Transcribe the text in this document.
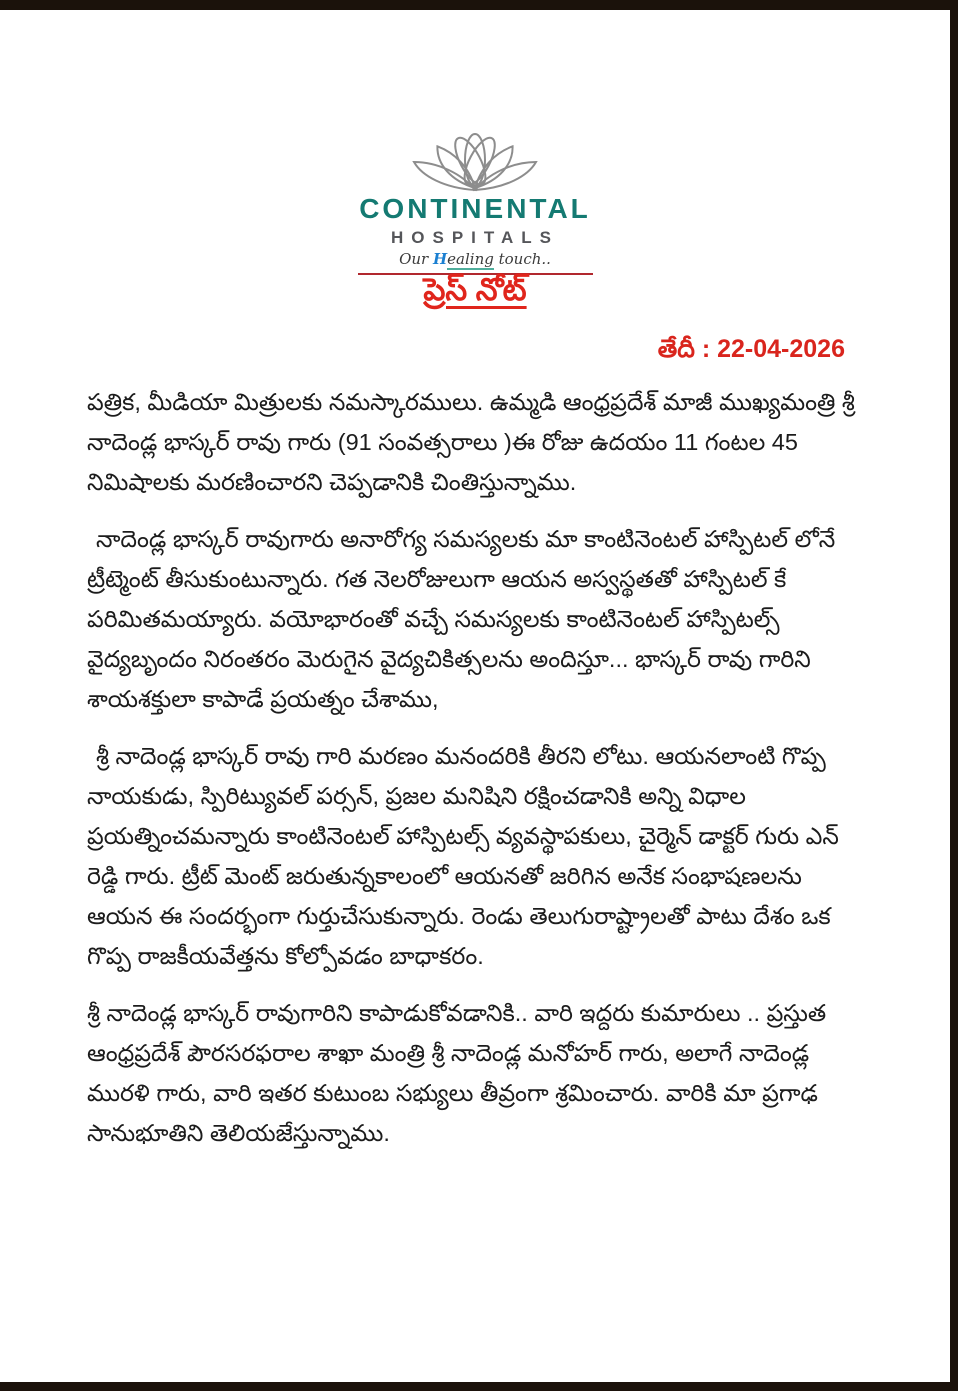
CONTINENTAL
HOSPITALS
Our Healing touch..
ప్రెస్ నోట్
తేదీ : 22-04-2026

పత్రిక, మీడియా మిత్రులకు నమస్కారములు. ఉమ్మడి ఆంధ్రప్రదేశ్ మాజీ ముఖ్యమంత్రి శ్రీ నాదెండ్ల భాస్కర్ రావు గారు (91 సంవత్సరాలు )ఈ రోజు ఉదయం 11 గంటల 45 నిమిషాలకు మరణించారని చెప్పడానికి చింతిస్తున్నాము.

నాదెండ్ల భాస్కర్ రావుగారు అనారోగ్య సమస్యలకు మా కాంటినెంటల్ హాస్పిటల్ లోనే ట్రీట్మెంట్ తీసుకుంటున్నారు. గత నెలరోజులుగా ఆయన అస్వస్థతతో హాస్పిటల్ కే పరిమితమయ్యారు. వయోభారంతో వచ్చే సమస్యలకు కాంటినెంటల్ హాస్పిటల్స్ వైద్యబృందం నిరంతరం మెరుగైన వైద్యచికిత్సలను అందిస్తూ... భాస్కర్ రావు గారిని శాయశక్తులా కాపాడే ప్రయత్నం చేశాము,

శ్రీ నాదెండ్ల భాస్కర్ రావు గారి మరణం మనందరికి తీరని లోటు. ఆయనలాంటి గొప్ప నాయకుడు, స్పిరిట్యువల్ పర్సన్, ప్రజల మనిషిని రక్షించడానికి అన్ని విధాల ప్రయత్నించమన్నారు కాంటినెంటల్ హాస్పిటల్స్ వ్యవస్థాపకులు, చైర్మెన్ డాక్టర్ గురు ఎన్ రెడ్డి గారు. ట్రీట్ మెంట్ జరుతున్నకాలంలో ఆయనతో జరిగిన అనేక సంభాషణలను ఆయన ఈ సందర్భంగా గుర్తుచేసుకున్నారు. రెండు తెలుగురాష్ట్రాలతో పాటు దేశం ఒక గొప్ప రాజకీయవేత్తను కోల్పోవడం బాధాకరం.

శ్రీ నాదెండ్ల భాస్కర్ రావుగారిని కాపాడుకోవడానికి.. వారి ఇద్దరు కుమారులు .. ప్రస్తుత ఆంధ్రప్రదేశ్ పౌరసరఫరాల శాఖా మంత్రి శ్రీ నాదెండ్ల మనోహర్ గారు, అలాగే నాదెండ్ల మురళి గారు, వారి ఇతర కుటుంబ సభ్యులు తీవ్రంగా శ్రమించారు. వారికి మా ప్రగాఢ సానుభూతిని తెలియజేస్తున్నాము.
